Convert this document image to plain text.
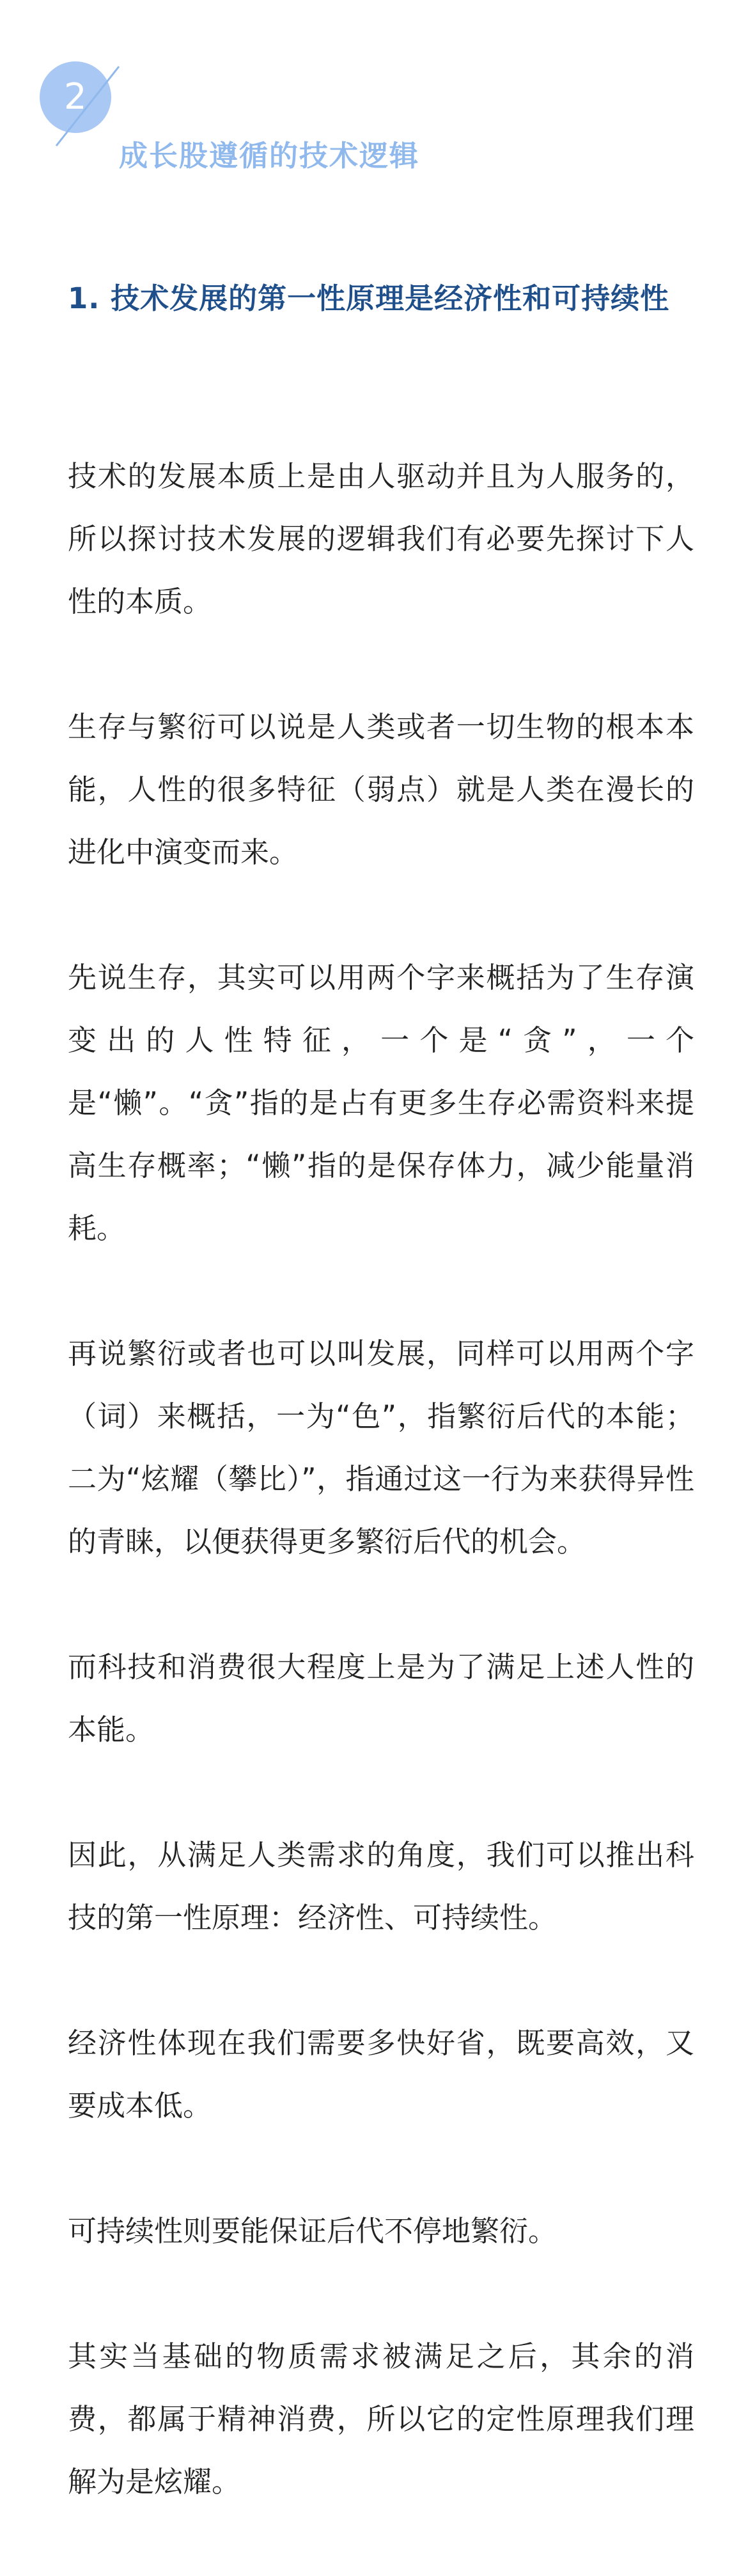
2
成长股遵循的技术逻辑
1. 技术发展的第一性原理是经济性和可持续性

技术的发展本质上是由人驱动并且为人服务的，所以探讨技术发展的逻辑我们有必要先探讨下人性的本质。

生存与繁衍可以说是人类或者一切生物的根本本能，人性的很多特征（弱点）就是人类在漫长的进化中演变而来。

先说生存，其实可以用两个字来概括为了生存演变出的人性特征，一个是“贪”，一个是“懒”。“贪”指的是占有更多生存必需资料来提高生存概率；“懒”指的是保存体力，减少能量消耗。

再说繁衍或者也可以叫发展，同样可以用两个字（词）来概括，一为“色”，指繁衍后代的本能；二为“炫耀（攀比）”，指通过这一行为来获得异性的青睐，以便获得更多繁衍后代的机会。

而科技和消费很大程度上是为了满足上述人性的本能。

因此，从满足人类需求的角度，我们可以推出科技的第一性原理：经济性、可持续性。

经济性体现在我们需要多快好省，既要高效，又要成本低。

可持续性则要能保证后代不停地繁衍。

其实当基础的物质需求被满足之后，其余的消费，都属于精神消费，所以它的定性原理我们理解为是炫耀。
